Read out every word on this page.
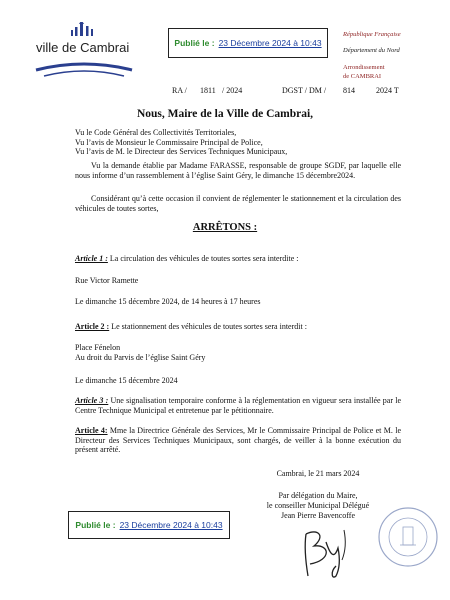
ville de Cambrai	Publié le : 23 Décembre 2024 à 10:43
République Française
Département du Nord
Arrondissement
de CAMBRAI
RA / 1811 / 2024	DGST / DM / 814	2024 T
Nous, Maire de la Ville de Cambrai,
Vu le Code Général des Collectivités Territoriales,
Vu l’avis de Monsieur le Commissaire Principal de Police,
Vu l’avis de M. le Directeur des Services Techniques Municipaux,
Vu la demande établie par Madame FARASSE, responsable de groupe SGDF, par laquelle elle nous informe d’un rassemblement à l’église Saint Géry, le dimanche 15 décembre2024.
Considérant qu’à cette occasion il convient de réglementer le stationnement et la circulation des véhicules de toutes sortes,
ARRÊTONS :
Article 1 : La circulation des véhicules de toutes sortes sera interdite :
Rue Victor Ramette
Le dimanche 15 décembre 2024, de 14 heures à 17 heures
Article 2 : Le stationnement des véhicules de toutes sortes sera interdit :
Place Fénelon
Au droit du Parvis de l’église Saint Géry
Le dimanche 15 décembre 2024
Article 3 : Une signalisation temporaire conforme à la réglementation en vigueur sera installée par le Centre Technique Municipal et entretenue par le pétitionnaire.
Article 4: Mme la Directrice Générale des Services, Mr le Commissaire Principal de Police et M. le Directeur des Services Techniques Municipaux, sont chargés, de veiller à la bonne exécution du présent arrêté.
Cambrai, le 21 mars 2024
Par délégation du Maire,
le conseiller Municipal Délégué
Jean Pierre Bavencoffe
Publié le : 23 Décembre 2024 à 10:43
